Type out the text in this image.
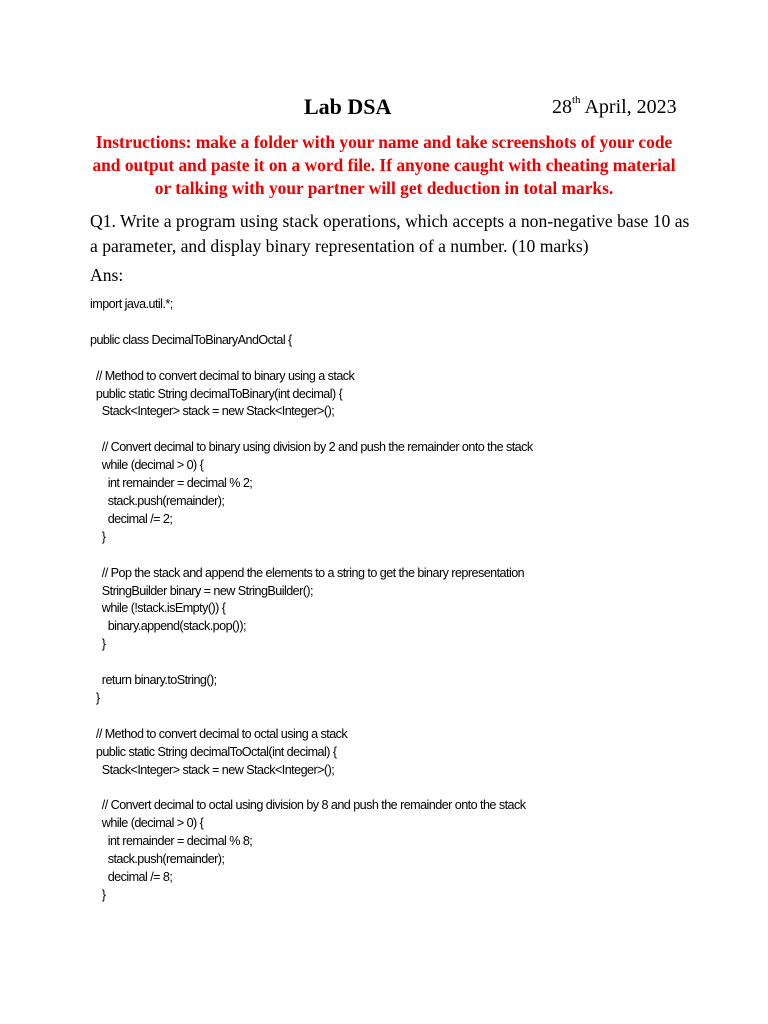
Lab DSA	28th April, 2023
Instructions: make a folder with your name and take screenshots of your code and output and paste it on a word file. If anyone caught with cheating material or talking with your partner will get deduction in total marks.
Q1. Write a program using stack operations, which accepts a non-negative base 10 as a parameter, and display binary representation of a number. (10 marks)
Ans:
import java.util.*;

public class DecimalToBinaryAndOctal {

// Method to convert decimal to binary using a stack
public static String decimalToBinary(int decimal) {
Stack<Integer> stack = new Stack<Integer>();

// Convert decimal to binary using division by 2 and push the remainder onto the stack
while (decimal > 0) {
int remainder = decimal % 2;
stack.push(remainder);
decimal /= 2;
}

// Pop the stack and append the elements to a string to get the binary representation
StringBuilder binary = new StringBuilder();
while (!stack.isEmpty()) {
binary.append(stack.pop());
}

return binary.toString();
}

// Method to convert decimal to octal using a stack
public static String decimalToOctal(int decimal) {
Stack<Integer> stack = new Stack<Integer>();

// Convert decimal to octal using division by 8 and push the remainder onto the stack
while (decimal > 0) {
int remainder = decimal % 8;
stack.push(remainder);
decimal /= 8;
}
